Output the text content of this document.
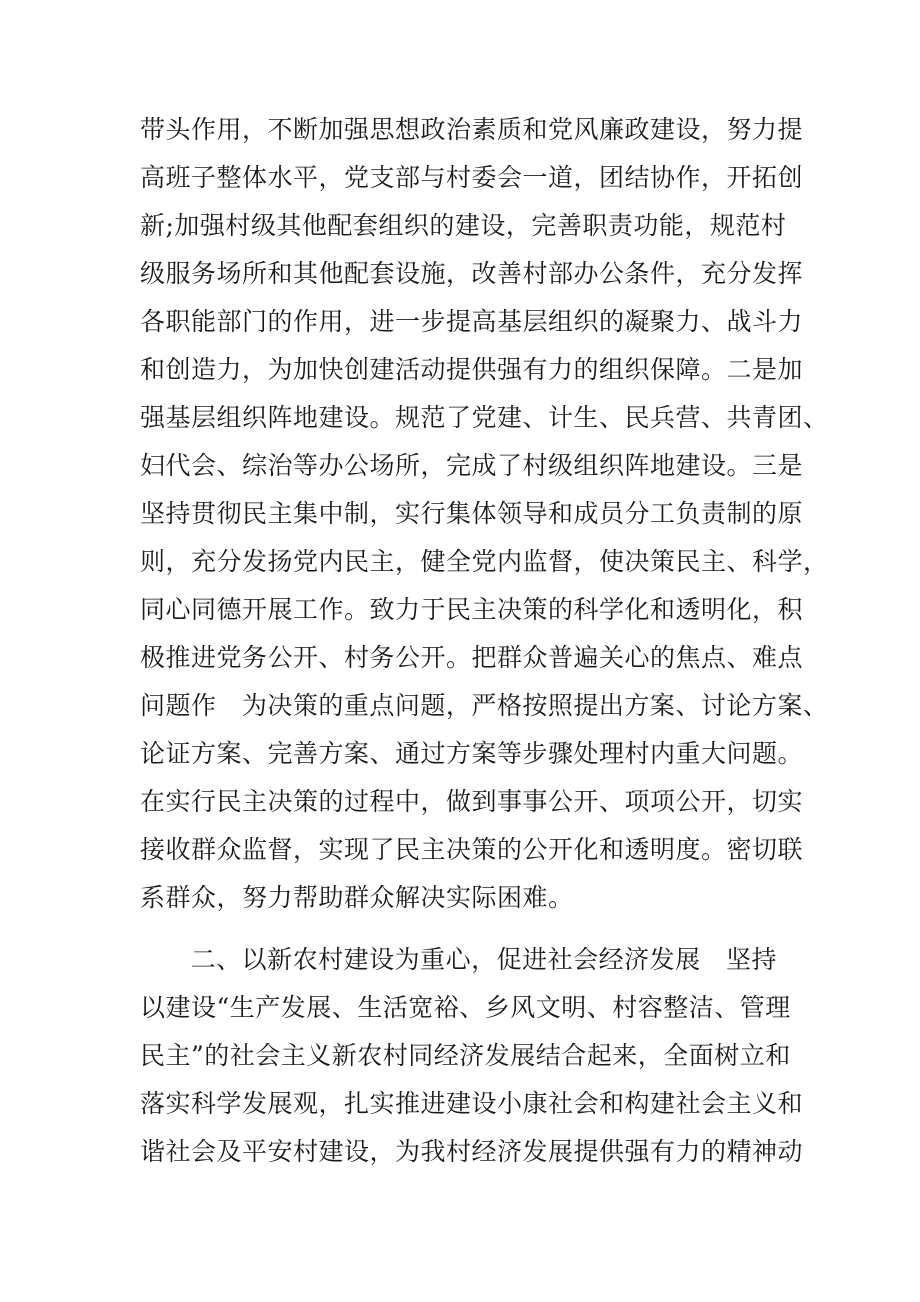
带头作用，不断加强思想政治素质和党风廉政建设，努力提
高班子整体水平，党支部与村委会一道，团结协作，开拓创
新;加强村级其他配套组织的建设，完善职责功能，规范村
级服务场所和其他配套设施，改善村部办公条件，充分发挥
各职能部门的作用，进一步提高基层组织的凝聚力、战斗力
和创造力，为加快创建活动提供强有力的组织保障。二是加
强基层组织阵地建设。规范了党建、计生、民兵营、共青团、
妇代会、综治等办公场所，完成了村级组织阵地建设。三是
坚持贯彻民主集中制，实行集体领导和成员分工负责制的原
则，充分发扬党内民主，健全党内监督，使决策民主、科学，
同心同德开展工作。致力于民主决策的科学化和透明化，积
极推进党务公开、村务公开。把群众普遍关心的焦点、难点
问题作   为决策的重点问题，严格按照提出方案、讨论方案、
论证方案、完善方案、通过方案等步骤处理村内重大问题。
在实行民主决策的过程中，做到事事公开、项项公开，切实
接收群众监督，实现了民主决策的公开化和透明度。密切联
系群众，努力帮助群众解决实际困难。
二、以新农村建设为重心，促进社会经济发展   坚持
以建设“生产发展、生活宽裕、乡风文明、村容整洁、管理
民主”的社会主义新农村同经济发展结合起来，全面树立和
落实科学发展观，扎实推进建设小康社会和构建社会主义和
谐社会及平安村建设，为我村经济发展提供强有力的精神动
